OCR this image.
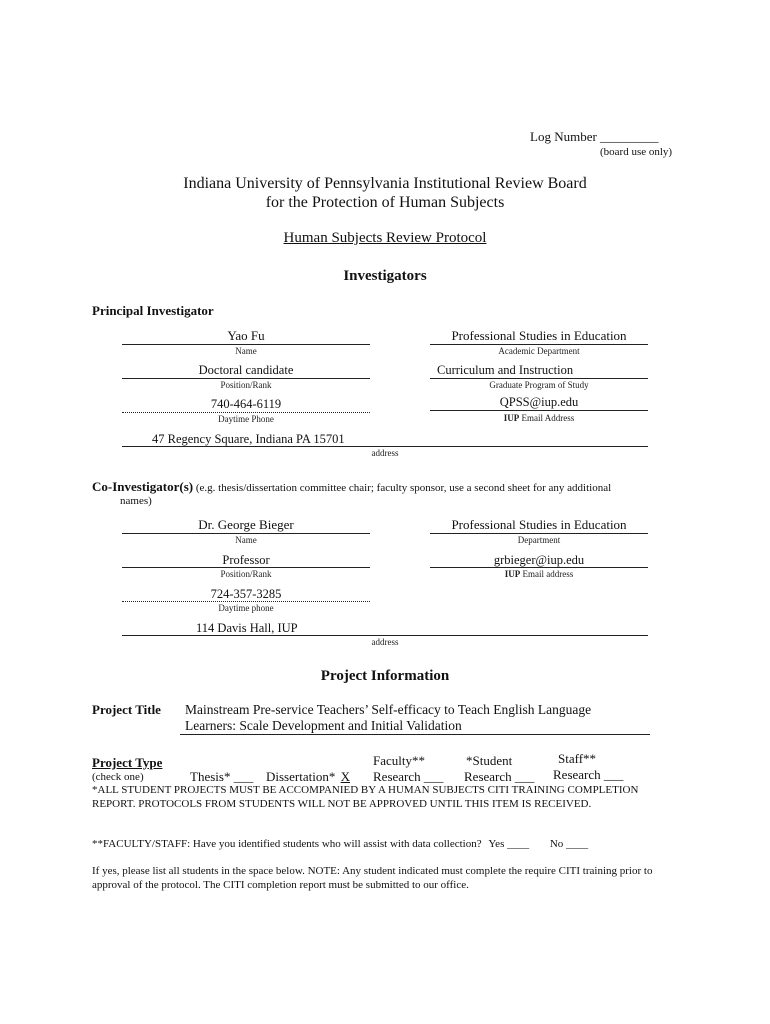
Log Number _________
(board use only)
Indiana University of Pennsylvania Institutional Review Board
for the Protection of Human Subjects
Human Subjects Review Protocol
Investigators
Principal Investigator
Yao Fu
Name
Professional Studies in Education
Academic Department
Doctoral candidate
Position/Rank
Curriculum and Instruction
Graduate Program of Study
740-464-6119
Daytime Phone
QPSS@iup.edu
IUP Email Address
47 Regency Square, Indiana PA 15701
address
Co-Investigator(s) (e.g. thesis/dissertation committee chair; faculty sponsor, use a second sheet for any additional
names)
Dr. George Bieger
Name
Professional Studies in Education
Department
Professor
Position/Rank
grbieger@iup.edu
IUP Email address
724-357-3285
Daytime phone
114 Davis Hall, IUP
address
Project Information
Project Title Mainstream Pre-service Teachers’ Self-efficacy to Teach English Language
Learners: Scale Development and Initial Validation
Project Type
(check one)	Thesis* ___ Dissertation* X
Faculty**
Research ___
*Student
Research ___
Staff**
Research ___
*ALL STUDENT PROJECTS MUST BE ACCOMPANIED BY A HUMAN SUBJECTS CITI TRAINING COMPLETION REPORT. PROTOCOLS FROM STUDENTS WILL NOT BE APPROVED UNTIL THIS ITEM IS RECEIVED.
**FACULTY/STAFF: Have you identified students who will assist with data collection? Yes ____ No ____
If yes, please list all students in the space below. NOTE: Any student indicated must complete the require CITI training prior to approval of the protocol. The CITI completion report must be submitted to our office.
